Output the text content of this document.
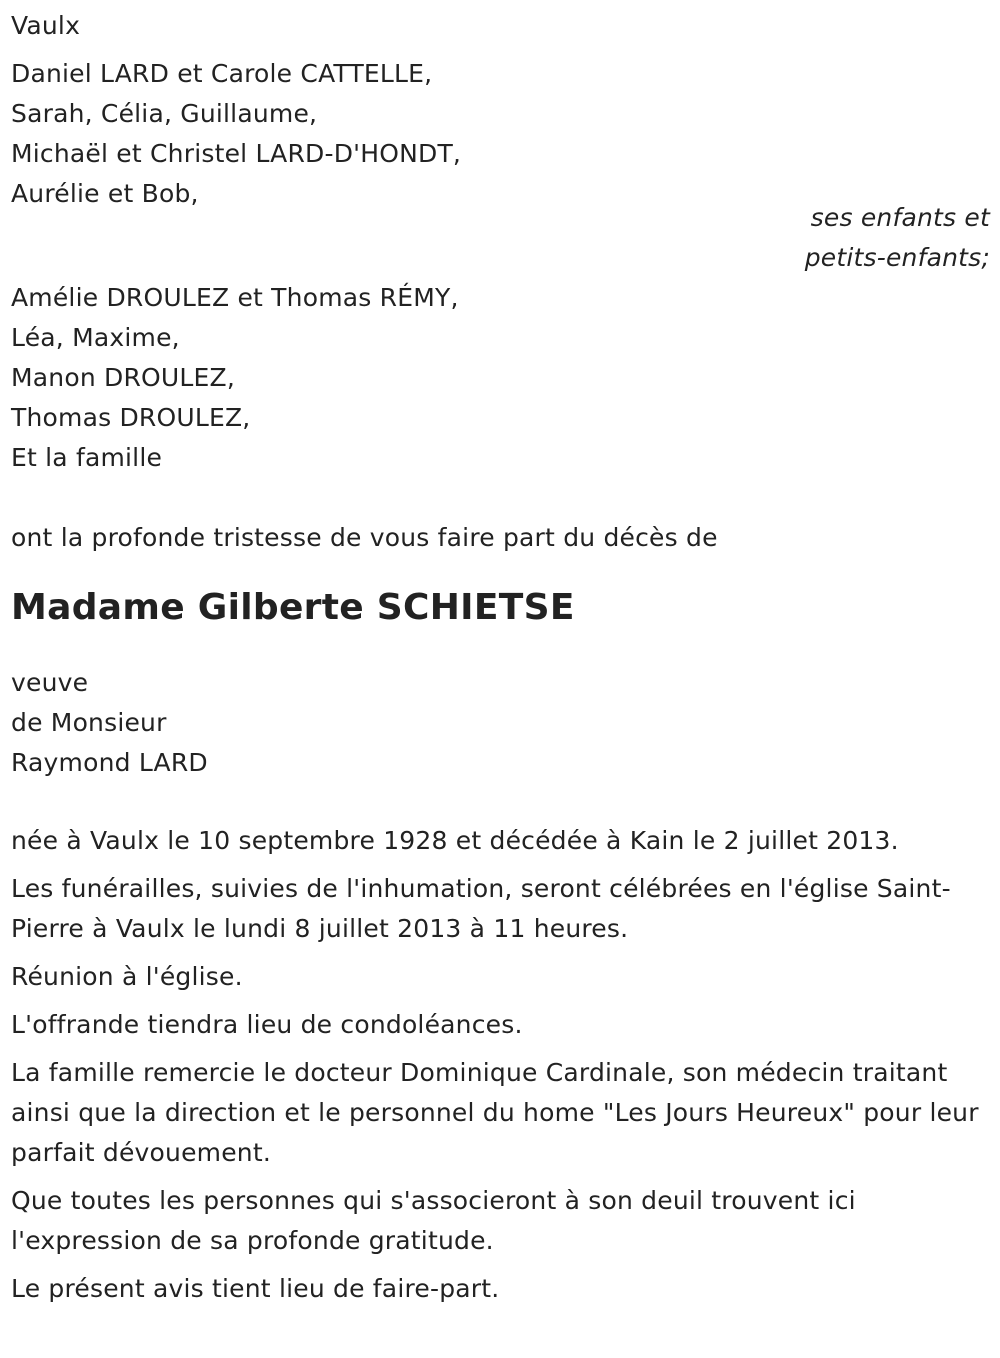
Vaulx
Daniel LARD et Carole CATTELLE,
Sarah, Célia, Guillaume,
Michaël et Christel LARD-D'HONDT,
Aurélie et Bob,
ses enfants et
petits-enfants;
Amélie DROULEZ et Thomas RÉMY,
Léa, Maxime,
Manon DROULEZ,
Thomas DROULEZ,
Et la famille
ont la profonde tristesse de vous faire part du décès de
Madame Gilberte SCHIETSE
veuve
de Monsieur
Raymond LARD
née à Vaulx le 10 septembre 1928 et décédée à Kain le 2 juillet 2013.
Les funérailles, suivies de l'inhumation, seront célébrées en l'église Saint-Pierre à Vaulx le lundi 8 juillet 2013 à 11 heures.
Réunion à l'église.
L'offrande tiendra lieu de condoléances.
La famille remercie le docteur Dominique Cardinale, son médecin traitant ainsi que la direction et le personnel du home "Les Jours Heureux" pour leur parfait dévouement.
Que toutes les personnes qui s'associeront à son deuil trouvent ici l'expression de sa profonde gratitude.
Le présent avis tient lieu de faire-part.
